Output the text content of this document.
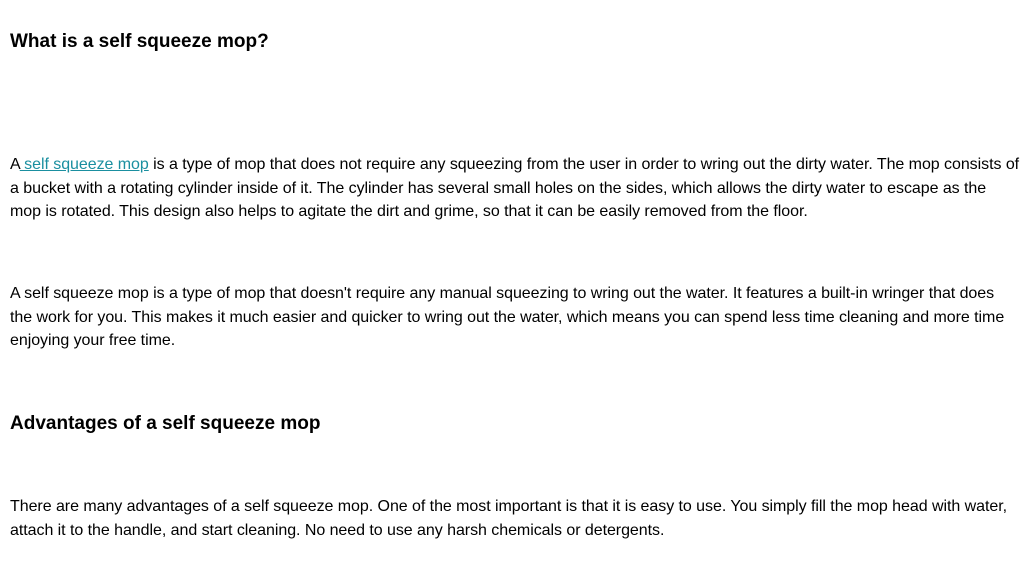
What is a self squeeze mop?

A self squeeze mop is a type of mop that does not require any squeezing from the user in order to wring out the dirty water. The mop consists of a bucket with a rotating cylinder inside of it. The cylinder has several small holes on the sides, which allows the dirty water to escape as the mop is rotated. This design also helps to agitate the dirt and grime, so that it can be easily removed from the floor.

A self squeeze mop is a type of mop that doesn't require any manual squeezing to wring out the water. It features a built-in wringer that does the work for you. This makes it much easier and quicker to wring out the water, which means you can spend less time cleaning and more time enjoying your free time.

Advantages of a self squeeze mop

There are many advantages of a self squeeze mop. One of the most important is that it is easy to use. You simply fill the mop head with water, attach it to the handle, and start cleaning. No need to use any harsh chemicals or detergents.
